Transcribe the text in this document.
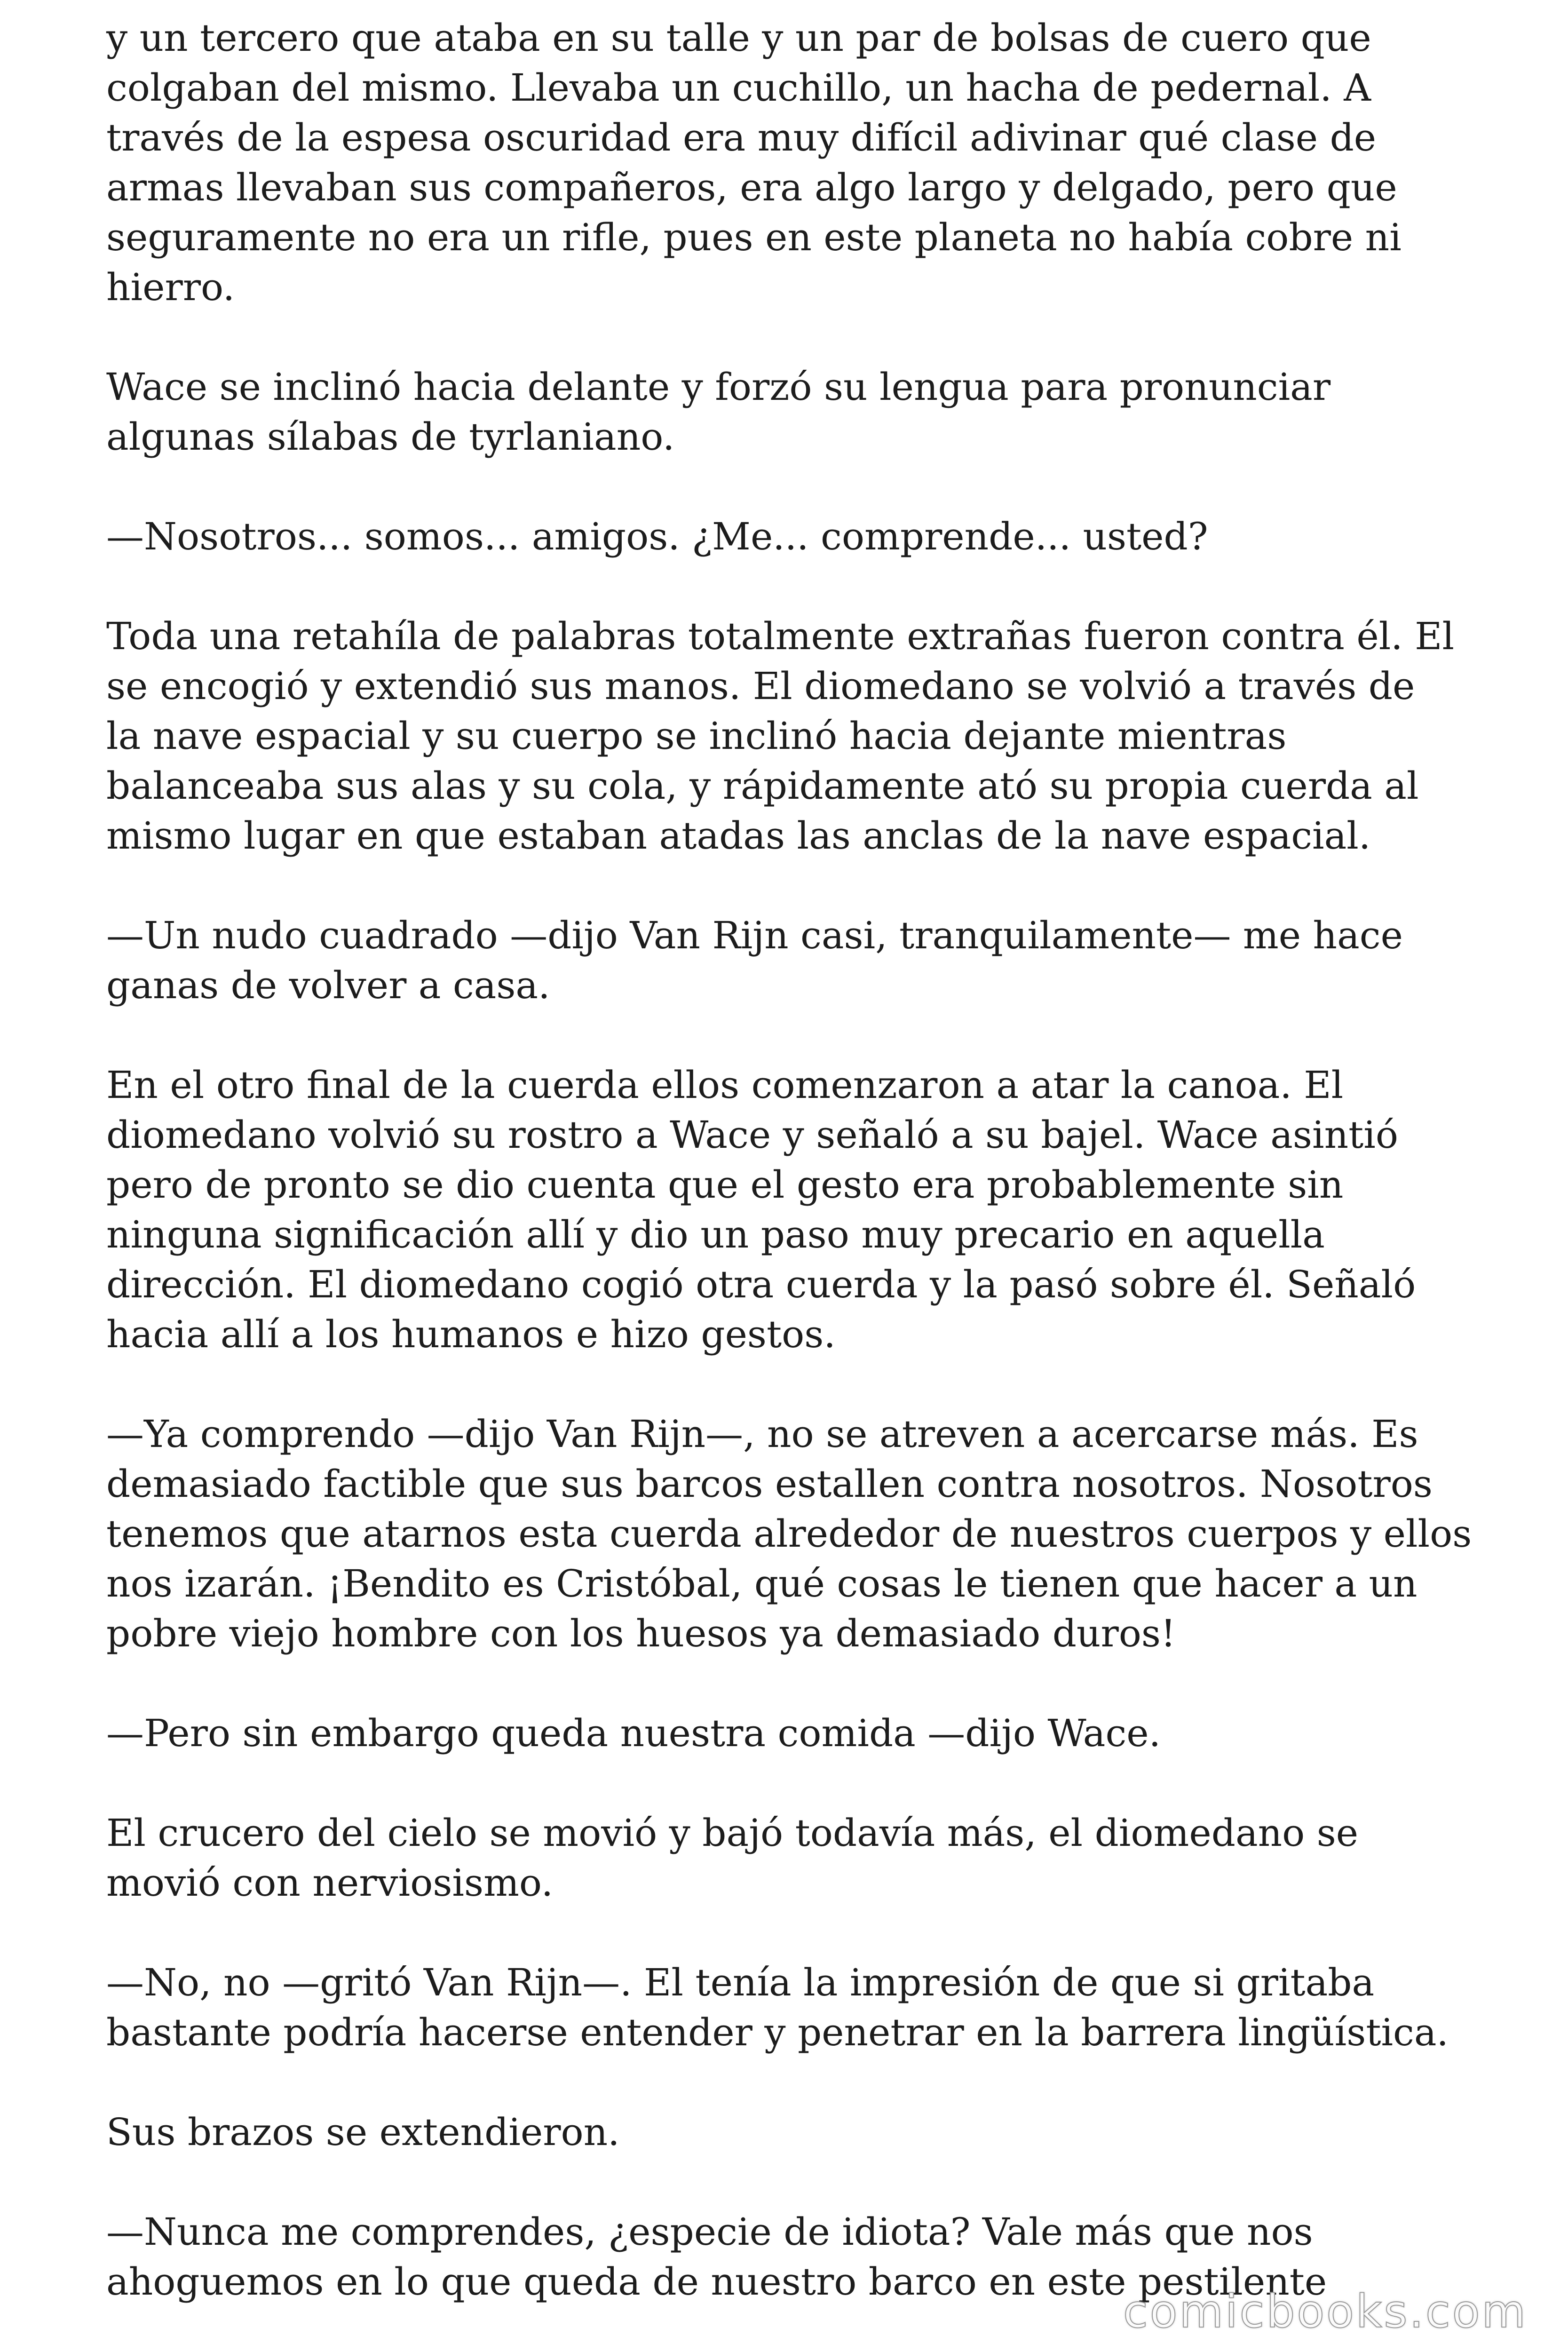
y un tercero que ataba en su talle y un par de bolsas de cuero que
colgaban del mismo. Llevaba un cuchillo, un hacha de pedernal. A
través de la espesa oscuridad era muy difícil adivinar qué clase de
armas llevaban sus compañeros, era algo largo y delgado, pero que
seguramente no era un rifle, pues en este planeta no había cobre ni
hierro.

Wace se inclinó hacia delante y forzó su lengua para pronunciar
algunas sílabas de tyrlaniano.

—Nosotros... somos... amigos. ¿Me... comprende... usted?

Toda una retahíla de palabras totalmente extrañas fueron contra él. El
se encogió y extendió sus manos. El diomedano se volvió a través de
la nave espacial y su cuerpo se inclinó hacia dejante mientras
balanceaba sus alas y su cola, y rápidamente ató su propia cuerda al
mismo lugar en que estaban atadas las anclas de la nave espacial.

—Un nudo cuadrado —dijo Van Rijn casi, tranquilamente— me hace
ganas de volver a casa.

En el otro final de la cuerda ellos comenzaron a atar la canoa. El
diomedano volvió su rostro a Wace y señaló a su bajel. Wace asintió
pero de pronto se dio cuenta que el gesto era probablemente sin
ninguna significación allí y dio un paso muy precario en aquella
dirección. El diomedano cogió otra cuerda y la pasó sobre él. Señaló
hacia allí a los humanos e hizo gestos.

—Ya comprendo —dijo Van Rijn—, no se atreven a acercarse más. Es
demasiado factible que sus barcos estallen contra nosotros. Nosotros
tenemos que atarnos esta cuerda alrededor de nuestros cuerpos y ellos
nos izarán. ¡Bendito es Cristóbal, qué cosas le tienen que hacer a un
pobre viejo hombre con los huesos ya demasiado duros!

—Pero sin embargo queda nuestra comida —dijo Wace.

El crucero del cielo se movió y bajó todavía más, el diomedano se
movió con nerviosismo.

—No, no —gritó Van Rijn—. El tenía la impresión de que si gritaba
bastante podría hacerse entender y penetrar en la barrera lingüística.

Sus brazos se extendieron.

—Nunca me comprendes, ¿especie de idiota? Vale más que nos
ahoguemos en lo que queda de nuestro barco en este pestilente

comicbooks.com
